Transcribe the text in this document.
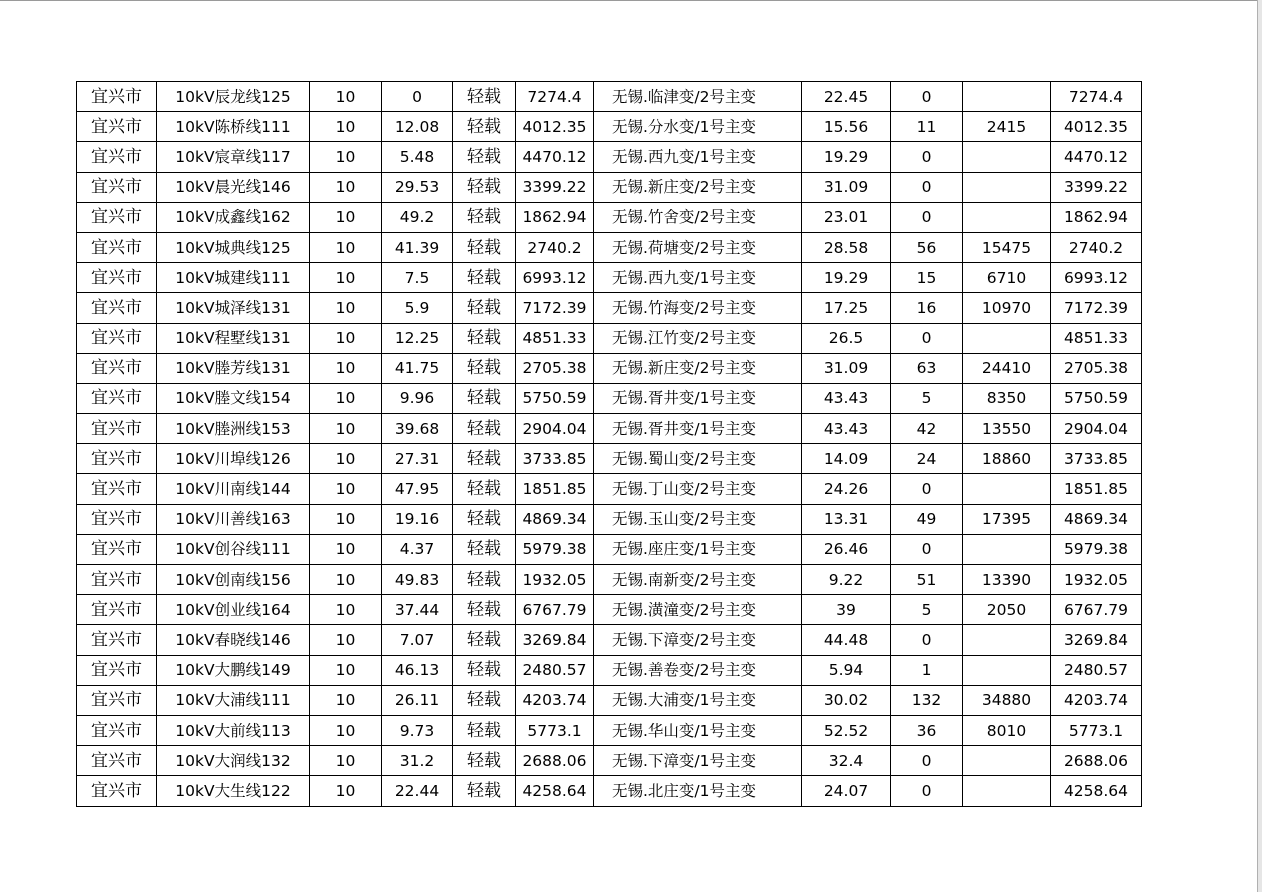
宜兴市	10kV辰龙线125	10	0	轻载	7274.4	无锡.临津变/2号主变	22.45	0		7274.4
宜兴市	10kV陈桥线111	10	12.08	轻载	4012.35	无锡.分水变/1号主变	15.56	11	2415	4012.35
宜兴市	10kV宸章线117	10	5.48	轻载	4470.12	无锡.西九变/1号主变	19.29	0		4470.12
宜兴市	10kV晨光线146	10	29.53	轻载	3399.22	无锡.新庄变/2号主变	31.09	0		3399.22
宜兴市	10kV成鑫线162	10	49.2	轻载	1862.94	无锡.竹舍变/2号主变	23.01	0		1862.94
宜兴市	10kV城典线125	10	41.39	轻载	2740.2	无锡.荷塘变/2号主变	28.58	56	15475	2740.2
宜兴市	10kV城建线111	10	7.5	轻载	6993.12	无锡.西九变/1号主变	19.29	15	6710	6993.12
宜兴市	10kV城泽线131	10	5.9	轻载	7172.39	无锡.竹海变/2号主变	17.25	16	10970	7172.39
宜兴市	10kV程墅线131	10	12.25	轻载	4851.33	无锡.江竹变/2号主变	26.5	0		4851.33
宜兴市	10kV塍芳线131	10	41.75	轻载	2705.38	无锡.新庄变/2号主变	31.09	63	24410	2705.38
宜兴市	10kV塍文线154	10	9.96	轻载	5750.59	无锡.胥井变/1号主变	43.43	5	8350	5750.59
宜兴市	10kV塍洲线153	10	39.68	轻载	2904.04	无锡.胥井变/1号主变	43.43	42	13550	2904.04
宜兴市	10kV川埠线126	10	27.31	轻载	3733.85	无锡.蜀山变/2号主变	14.09	24	18860	3733.85
宜兴市	10kV川南线144	10	47.95	轻载	1851.85	无锡.丁山变/2号主变	24.26	0		1851.85
宜兴市	10kV川善线163	10	19.16	轻载	4869.34	无锡.玉山变/2号主变	13.31	49	17395	4869.34
宜兴市	10kV创谷线111	10	4.37	轻载	5979.38	无锡.座庄变/1号主变	26.46	0		5979.38
宜兴市	10kV创南线156	10	49.83	轻载	1932.05	无锡.南新变/2号主变	9.22	51	13390	1932.05
宜兴市	10kV创业线164	10	37.44	轻载	6767.79	无锡.潢潼变/2号主变	39	5	2050	6767.79
宜兴市	10kV春晓线146	10	7.07	轻载	3269.84	无锡.下漳变/2号主变	44.48	0		3269.84
宜兴市	10kV大鹏线149	10	46.13	轻载	2480.57	无锡.善卷变/2号主变	5.94	1		2480.57
宜兴市	10kV大浦线111	10	26.11	轻载	4203.74	无锡.大浦变/1号主变	30.02	132	34880	4203.74
宜兴市	10kV大前线113	10	9.73	轻载	5773.1	无锡.华山变/1号主变	52.52	36	8010	5773.1
宜兴市	10kV大润线132	10	31.2	轻载	2688.06	无锡.下漳变/1号主变	32.4	0		2688.06
宜兴市	10kV大生线122	10	22.44	轻载	4258.64	无锡.北庄变/1号主变	24.07	0		4258.64
